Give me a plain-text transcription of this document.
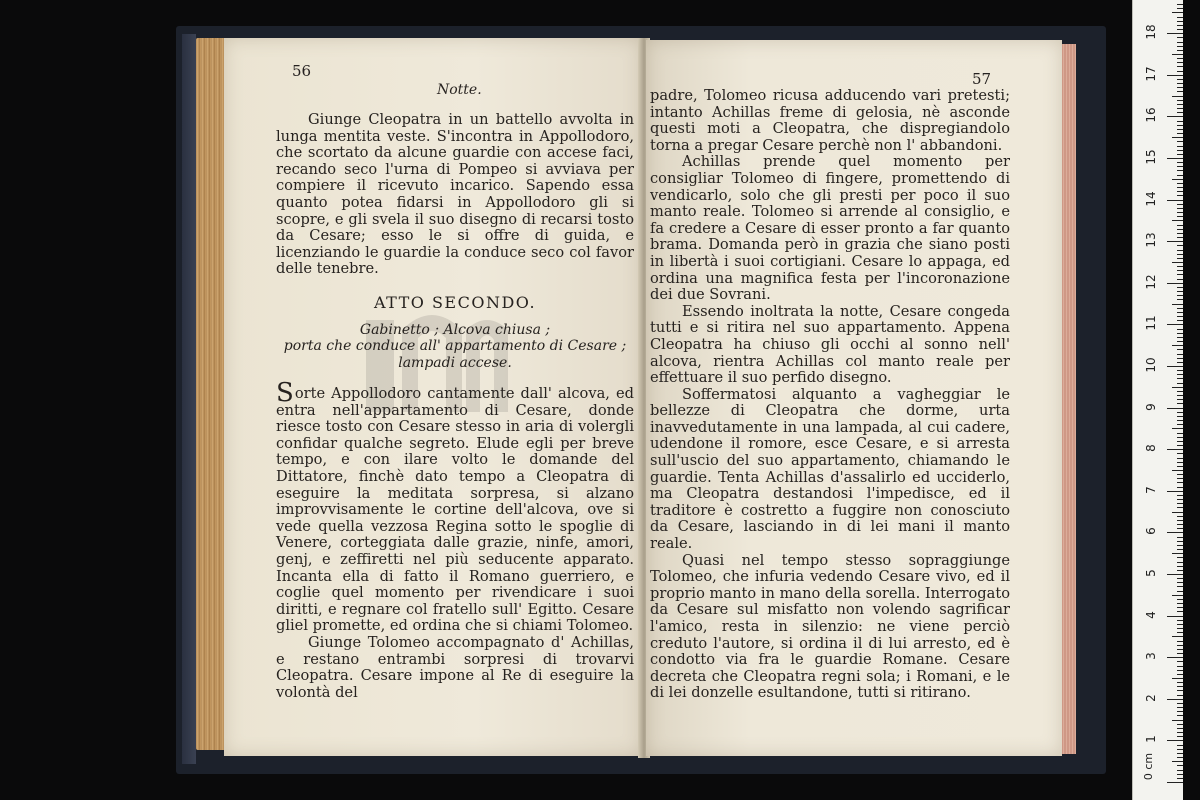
56
Notte.

Giunge Cleopatra in un battello avvolta in lunga mentita veste. S'incontra in Appollodoro, che scortato da alcune guardie con accese faci, recando seco l'urna di Pompeo si avviava per compiere il ricevuto incarico. Sapendo essa quanto potea fidarsi in Appollodoro gli si scopre, e gli svela il suo disegno di recarsi tosto da Cesare; esso le si offre di guida, e licenziando le guardie la conduce seco col favor delle tenebre.

ATTO SECONDO.
Gabinetto ; Alcova chiusa ;
porta che conduce all' appartamento di Cesare ;
lampadi accese.

Sorte Appollodoro cantamente dall' alcova, ed entra nell'appartamento di Cesare, donde riesce tosto con Cesare stesso in aria di volergli confidar qualche segreto. Elude egli per breve tempo, e con ilare volto le domande del Dittatore, finchè dato tempo a Cleopatra di eseguire la meditata sorpresa, si alzano improvvisamente le cortine dell'alcova, ove si vede quella vezzosa Regina sotto le spoglie di Venere, corteggiata dalle grazie, ninfe, amori, genj, e zeffiretti nel più seducente apparato. Incanta ella di fatto il Romano guerriero, e coglie quel momento per rivendicare i suoi diritti, e regnare col fratello sull' Egitto. Cesare gliel promette, ed ordina che si chiami Tolomeo.

Giunge Tolomeo accompagnato d' Achillas, e restano entrambi sorpresi di trovarvi Cleopatra. Cesare impone al Re di eseguire la volontà del

57

padre, Tolomeo ricusa adducendo vari pretesti; intanto Achillas freme di gelosia, nè asconde questi moti a Cleopatra, che dispregiandolo torna a pregar Cesare perchè non l' abbandoni.

Achillas prende quel momento per consigliar Tolomeo di fingere, promettendo di vendicarlo, solo che gli presti per poco il suo manto reale. Tolomeo si arrende al consiglio, e fa credere a Cesare di esser pronto a far quanto brama. Domanda però in grazia che siano posti in libertà i suoi cortigiani. Cesare lo appaga, ed ordina una magnifica festa per l'incoronazione dei due Sovrani.

Essendo inoltrata la notte, Cesare congeda tutti e si ritira nel suo appartamento. Appena Cleopatra ha chiuso gli occhi al sonno nell' alcova, rientra Achillas col manto reale per effettuare il suo perfido disegno.

Soffermatosi alquanto a vagheggiar le bellezze di Cleopatra che dorme, urta inavvedutamente in una lampada, al cui cadere, udendone il romore, esce Cesare, e si arresta sull'uscio del suo appartamento, chiamando le guardie. Tenta Achillas d'assalirlo ed ucciderlo, ma Cleopatra destandosi l'impedisce, ed il traditore è costretto a fuggire non conosciuto da Cesare, lasciando in di lei mani il manto reale.

Quasi nel tempo stesso sopraggiunge Tolomeo, che infuria vedendo Cesare vivo, ed il proprio manto in mano della sorella. Interrogato da Cesare sul misfatto non volendo sagrificar l'amico, resta in silenzio: ne viene perciò creduto l'autore, si ordina il di lui arresto, ed è condotto via fra le guardie Romane. Cesare decreta che Cleopatra regni sola; i Romani, e le di lei donzelle esultandone, tutti si ritirano.

0 cm
1
2
3
4
5
6
7
8
9
10
11
12
13
14
15
16
17
18
